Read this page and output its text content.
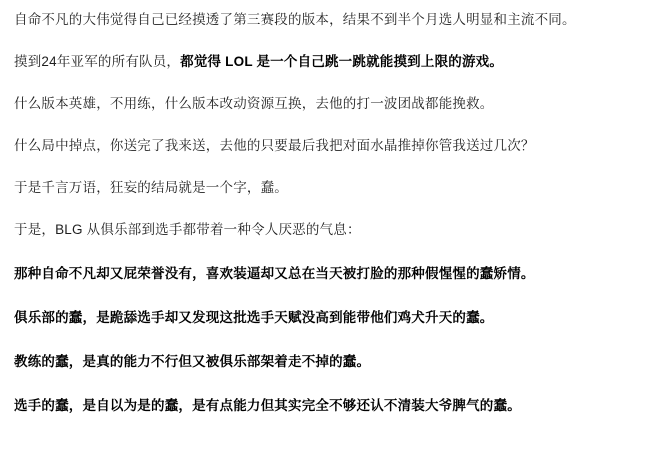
自命不凡的大伟觉得自己已经摸透了第三赛段的版本，结果不到半个月选人明显和主流不同。
摸到24年亚军的所有队员，都觉得 LOL 是一个自己跳一跳就能摸到上限的游戏。
什么版本英雄，不用练，什么版本改动资源互换，去他的打一波团战都能挽救。
什么局中掉点，你送完了我来送，去他的只要最后我把对面水晶推掉你管我送过几次？
于是千言万语，狂妄的结局就是一个字，蠢。
于是，BLG 从俱乐部到选手都带着一种令人厌恶的气息：
那种自命不凡却又屁荣誉没有，喜欢装逼却又总在当天被打脸的那种假惺惺的蠢矫情。
俱乐部的蠢，是跪舔选手却又发现这批选手天赋没高到能带他们鸡犬升天的蠢。
教练的蠢，是真的能力不行但又被俱乐部架着走不掉的蠢。
选手的蠢，是自以为是的蠢，是有点能力但其实完全不够还认不清装大爷脾气的蠢。
